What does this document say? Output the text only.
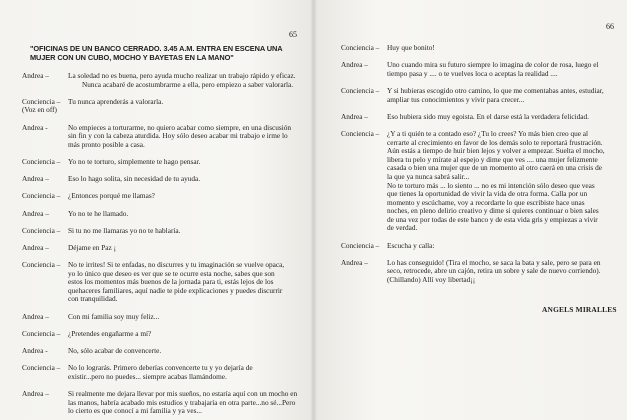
65
"OFICINAS DE UN BANCO CERRADO. 3.45 A.M. ENTRA EN ESCENA UNA MUJER CON UN CUBO, MOCHO Y BAYETAS EN LA MANO"
Andrea –	La soledad no es buena, pero ayuda mucho realizar un trabajo rápido y eficaz.
Nunca acabaré de acostumbrarme a ella, pero empiezo a saber valorarla.
Conciencia – Tu nunca aprenderás a valorarla.
(Voz en off)
Andrea -	No empieces a torturarme, no quiero acabar como siempre, en una discusión
sin fin y con la cabeza aturdida. Hoy sólo deseo acabar mi trabajo e irme lo
más pronto posible a casa.
Conciencia – Yo no te torturo, simplemente te hago pensar.
Andrea –	Eso lo hago solita, sin necesidad de tu ayuda.
Conciencia – ¿Entonces porqué me llamas?
Andrea –	Yo no te he llamado.
Conciencia – Si tu no me llamaras yo no te hablaría.
Andrea –	Déjame en Paz ¡
Conciencia – No te irrites! Si te enfadas, no discurres y tu imaginación se vuelve opaca,
yo lo único que deseo es ver que se te ocurre esta noche, sabes que son
estos los momentos más buenos de la jornada para ti, estás lejos de los
quehaceres familiares, aquí nadie te pide explicaciones y puedes discurrir
con tranquilidad.
Andrea –	Con mi familia soy muy feliz...
Conciencia – ¿Pretendes engañarme a mí?
Andrea -	No, sólo acabar de convencerte.
Conciencia – No lo lograrás. Primero deberías convencerte tu y yo dejaría de
existir...pero no puedes... siempre acabas llamándome.
Andrea –	Si realmente me dejara llevar por mis sueños, no estaría aquí con un mocho en
las manos, habría acabado mis estudios y trabajaría en otra parte...no sé...Pero
lo cierto es que conocí a mi familia y ya ves...
66
Conciencia – Huy que bonito!
Andrea –	Uno cuando mira su futuro siempre lo imagina de color de rosa, luego el
tiempo pasa y .... o te vuelves loca o aceptas la realidad ....
Conciencia – Y si hubieras escogido otro camino, lo que me comentabas antes, estudiar,
ampliar tus conocimientos y vivir para crecer...
Andrea –	Eso hubiera sido muy egoista. En el darse está la verdadera felicidad.
Conciencia – ¿Y a ti quién te a contado eso? ¿Tu lo crees? Yo más bien creo que al
cerrarte al crecimiento en favor de los demás solo te reportará frustración.
Aún estás a tiempo de huir bien lejos y volver a empezar. Suelta el mocho,
libera tu pelo y mírate al espejo y dime que ves .... una mujer felizmente
casada o bien una mujer que de un momento al otro caerá en una crisis de
la que ya nunca sabrá salir...
No te torturo más ... lo siento ... no es mi intención sólo deseo que veas
que tienes la oportunidad de vivir la vida de otra forma. Calla por un
momento y escúchame, voy a recordarte lo que escribiste hace unas
noches, en pleno delirio creativo y dime si quieres continuar o bien sales
de una vez por todas de este banco y de esta vida gris y empiezas a vivir
de verdad.
Conciencia – Escucha y calla:
Andrea –	Lo has conseguido! (Tira el mocho, se saca la bata y sale, pero se para en
seco, retrocede, abre un cajón, retira un sobre y sale de nuevo corriendo).
(Chillando) Allí voy libertad¡¡
ANGELS MIRALLES
